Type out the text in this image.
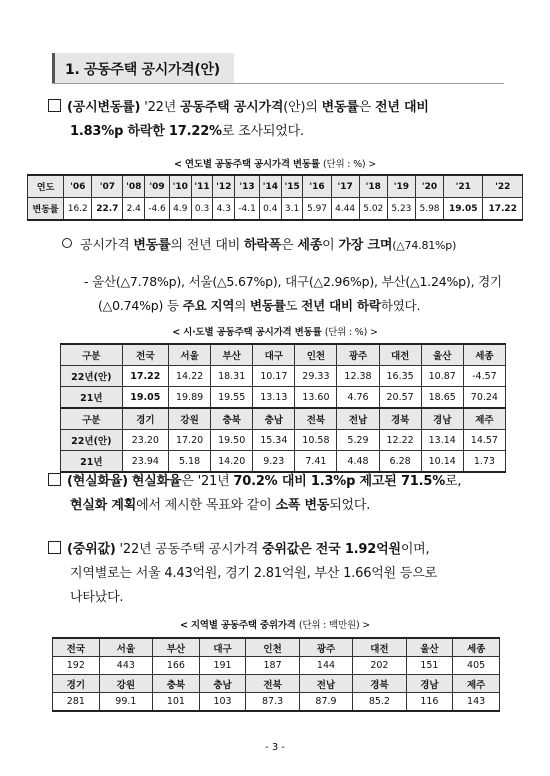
1. 공동주택 공시가격(안)
(공시변동률) '22년 공동주택 공시가격(안)의 변동률은 전년 대비
1.83%p 하락한 17.22%로 조사되었다.
< 연도별 공동주택 공시가격 변동률 (단위 : %) >
연도	'06	'07	'08	'09	'10	'11	'12	'13	'14	'15	'16	'17	'18	'19	'20	'21	'22
변동률	16.2	22.7	2.4	-4.6	4.9	0.3	4.3	-4.1	0.4	3.1	5.97	4.44	5.02	5.23	5.98	19.05	17.22
공시가격 변동률의 전년 대비 하락폭은 세종이 가장 크며(△74.81%p)
- 울산(△7.78%p), 서울(△5.67%p), 대구(△2.96%p), 부산(△1.24%p), 경기
(△0.74%p) 등 주요 지역의 변동률도 전년 대비 하락하였다.
< 시·도별 공동주택 공시가격 변동률 (단위 : %) >
구분	전국	서울	부산	대구	인천	광주	대전	울산	세종
22년(안)	17.22	14.22	18.31	10.17	29.33	12.38	16.35	10.87	-4.57
21년	19.05	19.89	19.55	13.13	13.60	4.76	20.57	18.65	70.24
구분	경기	강원	충북	충남	전북	전남	경북	경남	제주
22년(안)	23.20	17.20	19.50	15.34	10.58	5.29	12.22	13.14	14.57
21년	23.94	5.18	14.20	9.23	7.41	4.48	6.28	10.14	1.73
(현실화율) 현실화율은 '21년 70.2% 대비 1.3%p 제고된 71.5%로,
현실화 계획에서 제시한 목표와 같이 소폭 변동되었다.
(중위값) '22년 공동주택 공시가격 중위값은 전국 1.92억원이며,
지역별로는 서울 4.43억원, 경기 2.81억원, 부산 1.66억원 등으로
나타났다.
< 지역별 공동주택 중위가격 (단위 : 백만원) >
전국	서울	부산	대구	인천	광주	대전	울산	세종
192	443	166	191	187	144	202	151	405
경기	강원	충북	충남	전북	전남	경북	경남	제주
281	99.1	101	103	87.3	87.9	85.2	116	143
- 3 -
